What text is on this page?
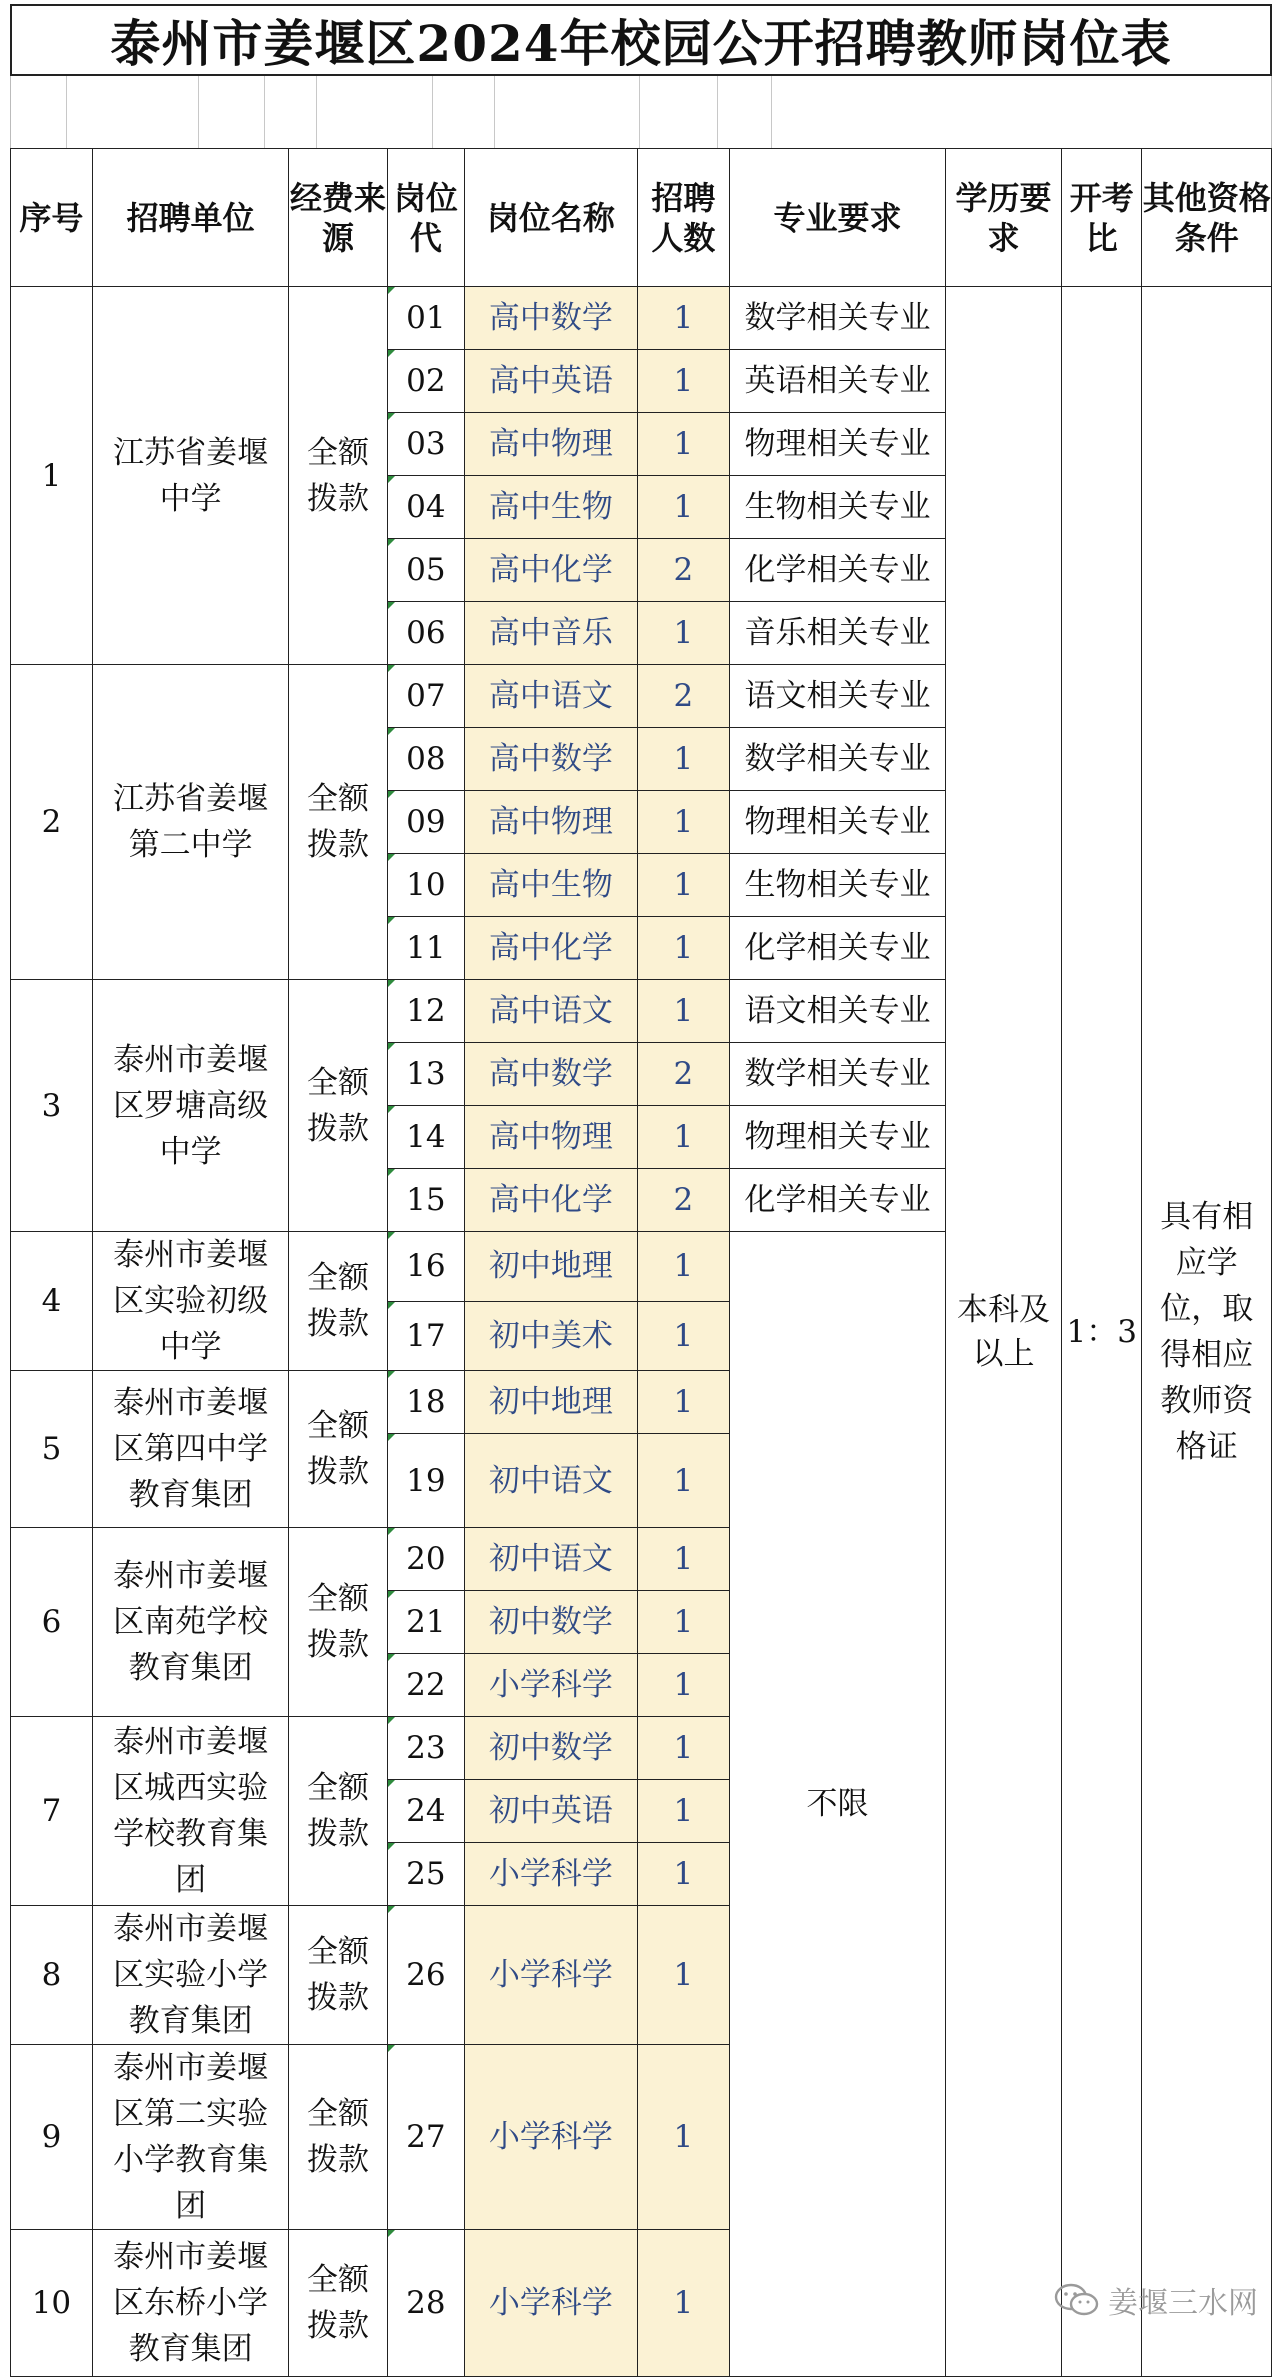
泰州市姜堰区2024年校园公开招聘教师岗位表
序号	招聘单位	经费来源	岗位代	岗位名称	招聘人数	专业要求	学历要求	开考比	其他资格条件
1	江苏省姜堰中学	全额拨款	01	高中数学	1	数学相关专业	本科及以上	1：3	具有相应学位，取得相应教师资格证
			02	高中英语	1	英语相关专业			
			03	高中物理	1	物理相关专业			
			04	高中生物	1	生物相关专业			
			05	高中化学	2	化学相关专业			
			06	高中音乐	1	音乐相关专业			
2	江苏省姜堰第二中学	全额拨款	07	高中语文	2	语文相关专业			
			08	高中数学	1	数学相关专业			
			09	高中物理	1	物理相关专业			
			10	高中生物	1	生物相关专业			
			11	高中化学	1	化学相关专业			
3	泰州市姜堰区罗塘高级中学	全额拨款	12	高中语文	1	语文相关专业			
			13	高中数学	2	数学相关专业			
			14	高中物理	1	物理相关专业			
			15	高中化学	2	化学相关专业			
4	泰州市姜堰区实验初级中学	全额拨款	16	初中地理	1	不限			
			17	初中美术	1				
5	泰州市姜堰区第四中学教育集团	全额拨款	18	初中地理	1				
			19	初中语文	1				
6	泰州市姜堰区南苑学校教育集团	全额拨款	20	初中语文	1				
			21	初中数学	1				
			22	小学科学	1				
7	泰州市姜堰区城西实验学校教育集团	全额拨款	23	初中数学	1				
			24	初中英语	1				
			25	小学科学	1				
8	泰州市姜堰区实验小学教育集团	全额拨款	26	小学科学	1				
9	泰州市姜堰区第二实验小学教育集团	全额拨款	27	小学科学	1				
10	泰州市姜堰区东桥小学教育集团	全额拨款	28	小学科学	1					姜堰三水网
